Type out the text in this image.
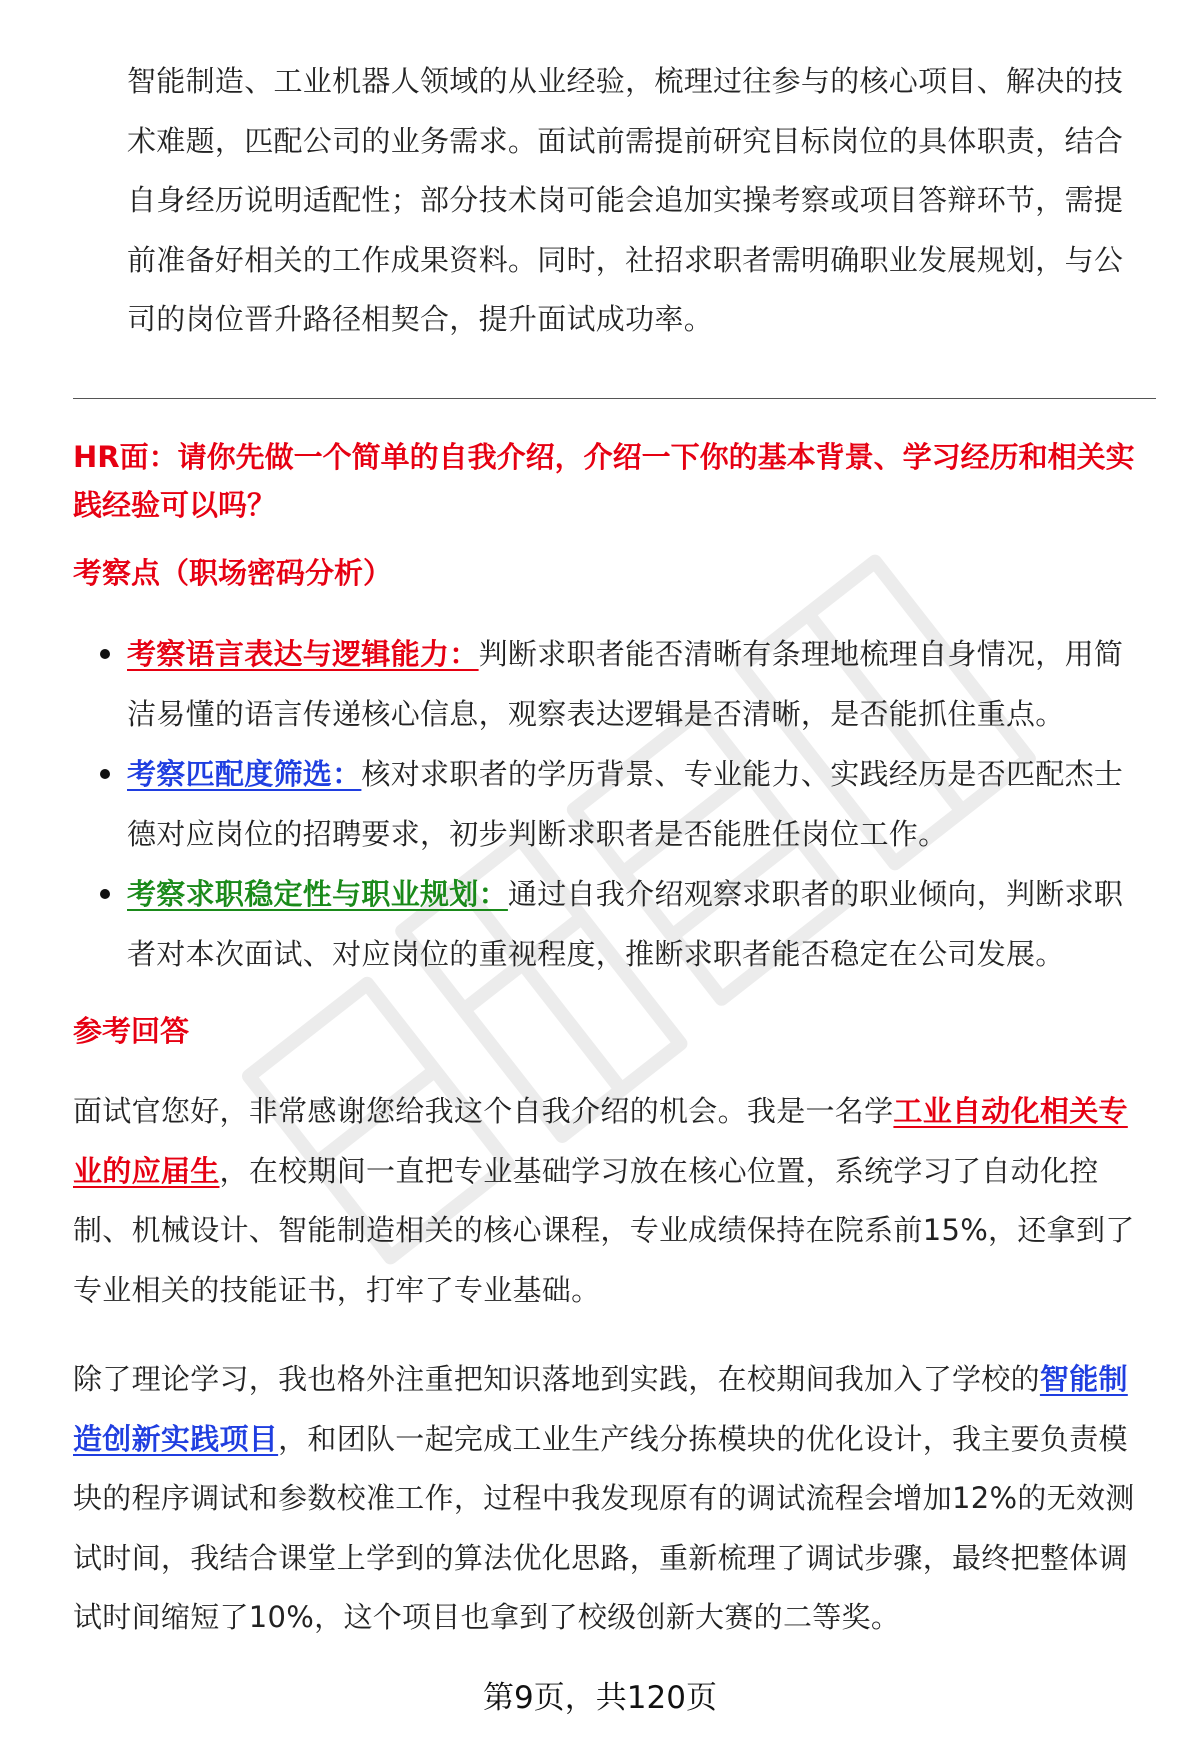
智能制造、工业机器人领域的从业经验，梳理过往参与的核心项目、解决的技术难题，匹配公司的业务需求。面试前需提前研究目标岗位的具体职责，结合自身经历说明适配性；部分技术岗可能会追加实操考察或项目答辩环节，需提前准备好相关的工作成果资料。同时，社招求职者需明确职业发展规划，与公司的岗位晋升路径相契合，提升面试成功率。

HR面：请你先做一个简单的自我介绍，介绍一下你的基本背景、学习经历和相关实践经验可以吗？

考察点（职场密码分析）

考察语言表达与逻辑能力：判断求职者能否清晰有条理地梳理自身情况，用简洁易懂的语言传递核心信息，观察表达逻辑是否清晰，是否能抓住重点。
考察匹配度筛选：核对求职者的学历背景、专业能力、实践经历是否匹配杰士德对应岗位的招聘要求，初步判断求职者是否能胜任岗位工作。
考察求职稳定性与职业规划：通过自我介绍观察求职者的职业倾向，判断求职者对本次面试、对应岗位的重视程度，推断求职者能否稳定在公司发展。

参考回答

面试官您好，非常感谢您给我这个自我介绍的机会。我是一名学工业自动化相关专业的应届生，在校期间一直把专业基础学习放在核心位置，系统学习了自动化控制、机械设计、智能制造相关的核心课程，专业成绩保持在院系前15%，还拿到了专业相关的技能证书，打牢了专业基础。

除了理论学习，我也格外注重把知识落地到实践，在校期间我加入了学校的智能制造创新实践项目，和团队一起完成工业生产线分拣模块的优化设计，我主要负责模块的程序调试和参数校准工作，过程中我发现原有的调试流程会增加12%的无效测试时间，我结合课堂上学到的算法优化思路，重新梳理了调试步骤，最终把整体调试时间缩短了10%，这个项目也拿到了校级创新大赛的二等奖。

第9页，共120页
